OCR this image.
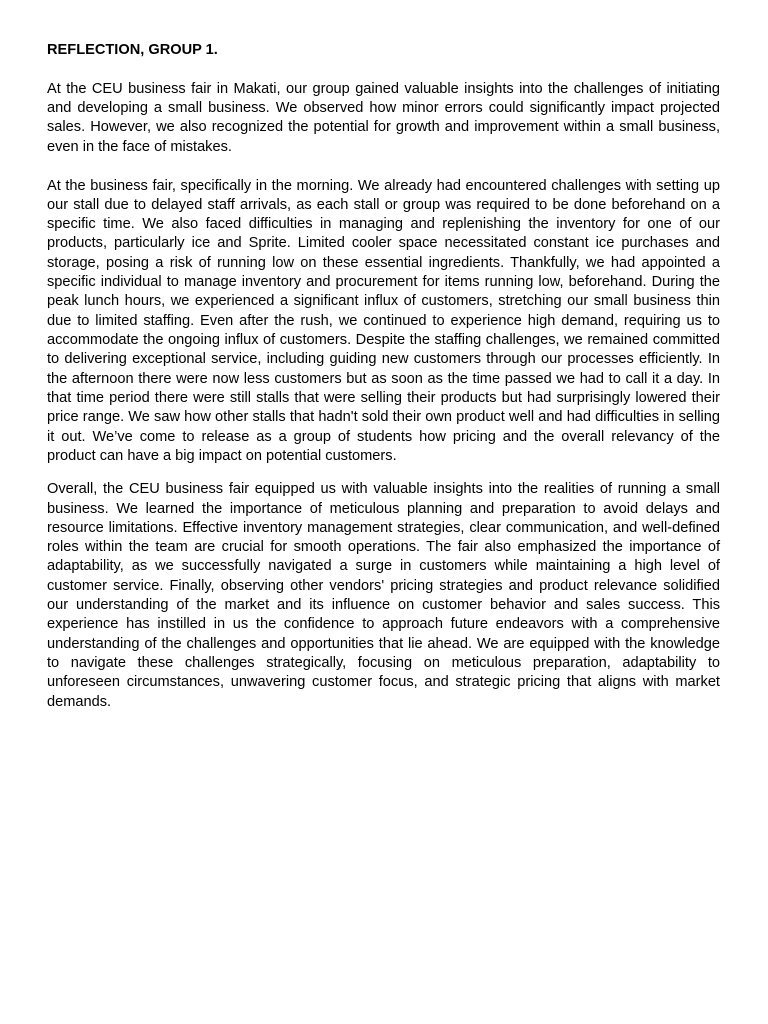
REFLECTION, GROUP 1.

At the CEU business fair in Makati, our group gained valuable insights into the challenges of initiating and developing a small business. We observed how minor errors could significantly impact projected sales. However, we also recognized the potential for growth and improvement within a small business, even in the face of mistakes.

At the business fair, specifically in the morning. We already had encountered challenges with setting up our stall due to delayed staff arrivals, as each stall or group was required to be done beforehand on a specific time. We also faced difficulties in managing and replenishing the inventory for one of our products, particularly ice and Sprite. Limited cooler space necessitated constant ice purchases and storage, posing a risk of running low on these essential ingredients. Thankfully, we had appointed a specific individual to manage inventory and procurement for items running low, beforehand. During the peak lunch hours, we experienced a significant influx of customers, stretching our small business thin due to limited staffing. Even after the rush, we continued to experience high demand, requiring us to accommodate the ongoing influx of customers. Despite the staffing challenges, we remained committed to delivering exceptional service, including guiding new customers through our processes efficiently. In the afternoon there were now less customers but as soon as the time passed we had to call it a day. In that time period there were still stalls that were selling their products but had surprisingly lowered their price range. We saw how other stalls that hadn't sold their own product well and had difficulties in selling it out. We’ve come to release as a group of students how pricing and the overall relevancy of the product can have a big impact on potential customers.

Overall, the CEU business fair equipped us with valuable insights into the realities of running a small business. We learned the importance of meticulous planning and preparation to avoid delays and resource limitations. Effective inventory management strategies, clear communication, and well-defined roles within the team are crucial for smooth operations. The fair also emphasized the importance of adaptability, as we successfully navigated a surge in customers while maintaining a high level of customer service. Finally, observing other vendors' pricing strategies and product relevance solidified our understanding of the market and its influence on customer behavior and sales success. This experience has instilled in us the confidence to approach future endeavors with a comprehensive understanding of the challenges and opportunities that lie ahead. We are equipped with the knowledge to navigate these challenges strategically, focusing on meticulous preparation, adaptability to unforeseen circumstances, unwavering customer focus, and strategic pricing that aligns with market demands.
